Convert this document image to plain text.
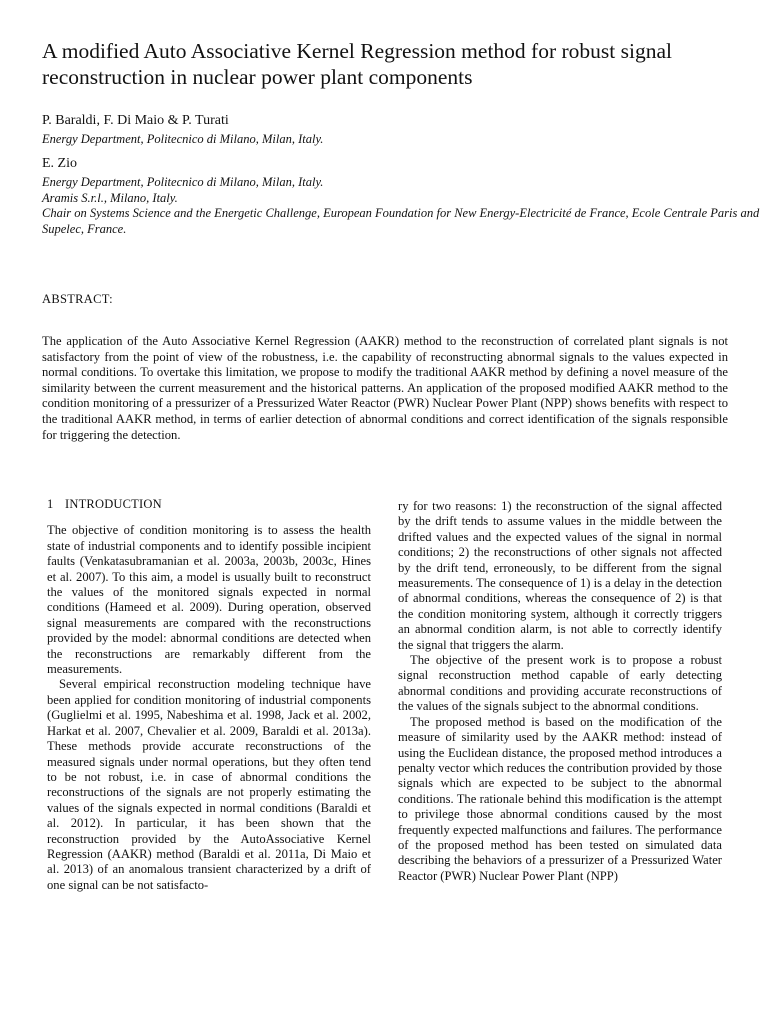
A modified Auto Associative Kernel Regression method for robust signal reconstruction in nuclear power plant components
P. Baraldi, F. Di Maio & P. Turati
Energy Department, Politecnico di Milano, Milan, Italy.
E. Zio
Energy Department, Politecnico di Milano, Milan, Italy.
Aramis S.r.l., Milano, Italy.
Chair on Systems Science and the Energetic Challenge, European Foundation for New Energy-Electricité de France, Ecole Centrale Paris and Supelec, France.
ABSTRACT:

The application of the Auto Associative Kernel Regression (AAKR) method to the reconstruction of correlated plant signals is not satisfactory from the point of view of the robustness, i.e. the capability of reconstructing abnormal signals to the values expected in normal conditions. To overtake this limitation, we propose to modify the traditional AAKR method by defining a novel measure of the similarity between the current measurement and the historical patterns. An application of the proposed modified AAKR method to the condition monitoring of a pressurizer of a Pressurized Water Reactor (PWR) Nuclear Power Plant (NPP) shows benefits with respect to the traditional AAKR method, in terms of earlier detection of abnormal conditions and correct identification of the signals responsible for triggering the detection.

1 INTRODUCTION

The objective of condition monitoring is to assess the health state of industrial components and to identify possible incipient faults (Venkatasubramanian et al. 2003a, 2003b, 2003c, Hines et al. 2007). To this aim, a model is usually built to reconstruct the values of the monitored signals expected in normal conditions (Hameed et al. 2009). During operation, observed signal measurements are compared with the reconstructions provided by the model: abnormal conditions are detected when the reconstructions are remarkably different from the measurements.

Several empirical reconstruction modeling technique have been applied for condition monitoring of industrial components (Guglielmi et al. 1995, Nabeshima et al. 1998, Jack et al. 2002, Harkat et al. 2007, Chevalier et al. 2009, Baraldi et al. 2013a). These methods provide accurate reconstructions of the measured signals under normal operations, but they often tend to be not robust, i.e. in case of abnormal conditions the reconstructions of the signals are not properly estimating the values of the signals expected in normal conditions (Baraldi et al. 2012). In particular, it has been shown that the reconstruction provided by the AutoAssociative Kernel Regression (AAKR) method (Baraldi et al. 2011a, Di Maio et al. 2013) of an anomalous transient characterized by a drift of one signal can be not satisfacto-

ry for two reasons: 1) the reconstruction of the signal affected by the drift tends to assume values in the middle between the drifted values and the expected values of the signal in normal conditions; 2) the reconstructions of other signals not affected by the drift tend, erroneously, to be different from the signal measurements. The consequence of 1) is a delay in the detection of abnormal conditions, whereas the consequence of 2) is that the condition monitoring system, although it correctly triggers an abnormal condition alarm, is not able to correctly identify the signal that triggers the alarm.

The objective of the present work is to propose a robust signal reconstruction method capable of early detecting abnormal conditions and providing accurate reconstructions of the values of the signals subject to the abnormal conditions.

The proposed method is based on the modification of the measure of similarity used by the AAKR method: instead of using the Euclidean distance, the proposed method introduces a penalty vector which reduces the contribution provided by those signals which are expected to be subject to the abnormal conditions. The rationale behind this modification is the attempt to privilege those abnormal conditions caused by the most frequently expected malfunctions and failures. The performance of the proposed method has been tested on simulated data describing the behaviors of a pressurizer of a Pressurized Water Reactor (PWR) Nuclear Power Plant (NPP)
